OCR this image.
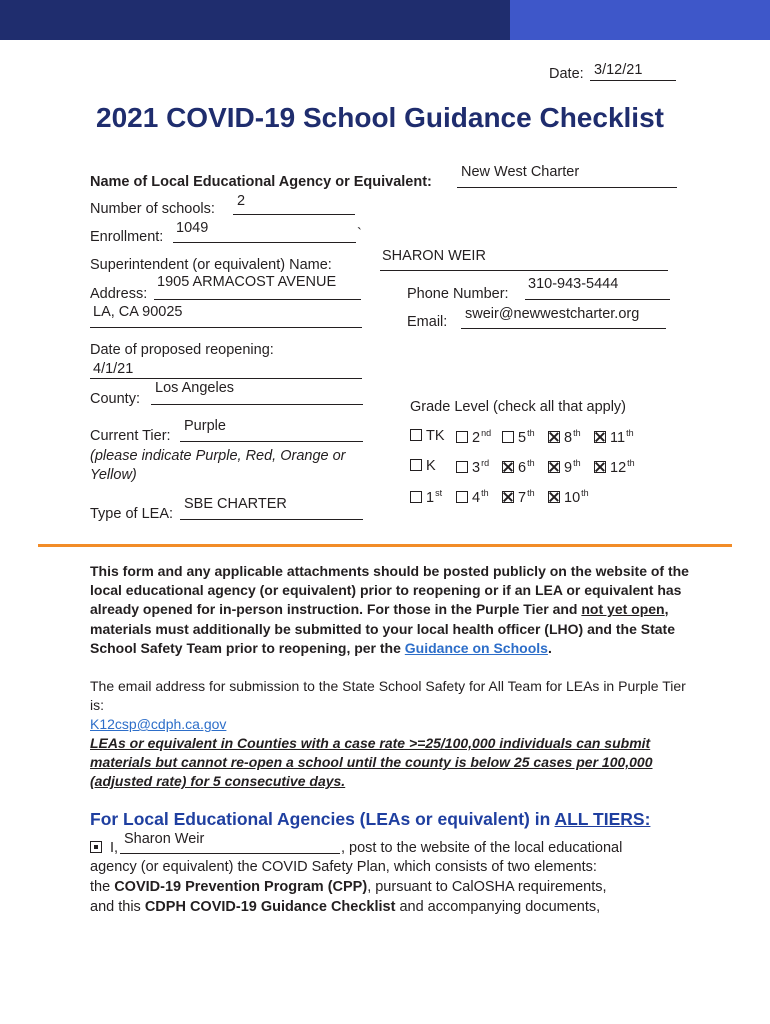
Date: 3/12/21
2021 COVID-19 School Guidance Checklist
Name of Local Educational Agency or Equivalent:
New West Charter
Number of schools: 2
Enrollment:
1049	`
Superintendent (or equivalent) Name:
SHARON WEIR
Address:
1905 ARMACOST AVENUE
LA, CA 90025
Phone Number:
310-943-5444
Email: sweir@newwestcharter.org
Date of proposed reopening:
4/1/21
County:
Los Angeles
Current Tier:
Purple
(please indicate Purple, Red, Orange or
Yellow)
Type of LEA:
SBE CHARTER
Grade Level (check all that apply)
TK	2nd	5th	8th	11th
K	3rd	6th	9th	12th
1st	4th	7th	10th
This form and any applicable attachments should be posted publicly on the website of the local educational agency (or equivalent) prior to reopening or if an LEA or equivalent has already opened for in-person instruction. For those in the Purple Tier and not yet open, materials must additionally be submitted to your local health officer (LHO) and the State School Safety Team prior to reopening, per the Guidance on Schools.
The email address for submission to the State School Safety for All Team for LEAs in Purple Tier is:
K12csp@cdph.ca.gov
LEAs or equivalent in Counties with a case rate >=25/100,000 individuals can submit materials but cannot re-open a school until the county is below 25 cases per 100,000 (adjusted rate) for 5 consecutive days.
For Local Educational Agencies (LEAs or equivalent) in ALL TIERS:
I,
Sharon Weir
, post to the website of the local educational
agency (or equivalent) the COVID Safety Plan, which consists of two elements:
the COVID-19 Prevention Program (CPP), pursuant to CalOSHA requirements,
and this CDPH COVID-19 Guidance Checklist and accompanying documents,
